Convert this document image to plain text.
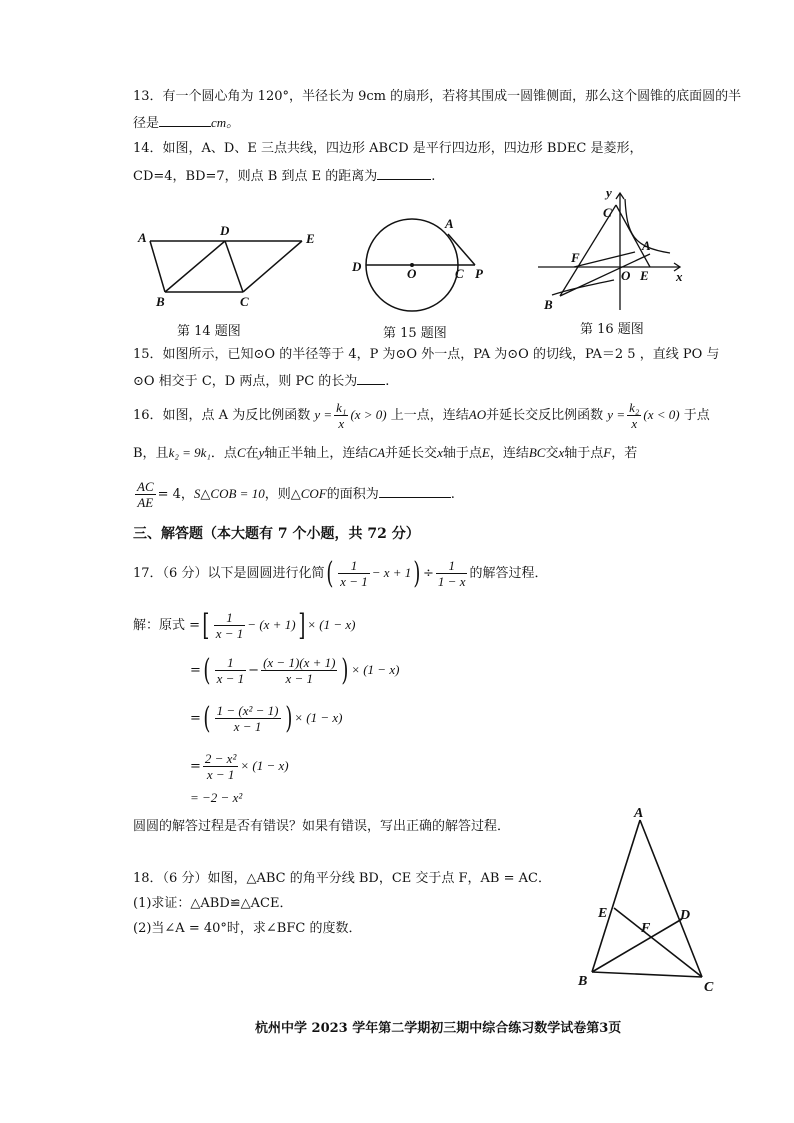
13．有一个圆心角为 120°，半径长为 9cm 的扇形，若将其围成一圆锥侧面，那么这个圆锥的底面圆的半
径是	cm。
14．如图，A、D、E 三点共线，四边形 ABCD 是平行四边形，四边形 BDEC 是菱形，
CD=4，BD=7，则点 B 到点 E 的距离为	.
A	D
E
B	C
第 14 题图
A
D	O	C P
第 15 题图
y
C
F
A
O E x
B
第 16 题图
15．如图所示，已知⊙O 的半径等于 4，P 为⊙O 外一点，PA 为⊙O 的切线，PA＝2 5 ，直线 PO 与
⊙O 相交于 C，D 两点，则 PC 的长为 .
16．如图，点 A 为反比例函数 $y = \frac{\text{k₁}}{x} (x > 0)$ 上一点，连结AO并延长交反比例函数 $y = \frac{\text{k₂}}{x} (x < 0)$ 于点
B，且k₂ = 9k₁．点C在y轴正半轴上，连结CA并延长交x轴于点E，连结BC交x轴于点F，若
$\frac{AC}{AE} = 4$，S△COB = 10，则△COF的面积为	.
三、解答题（本大题有 7 个小题，共 72 分）
17．（6 分）以下是圆圆进行化简( $\frac{1}{x - 1} - x + 1) \div \frac{1}{1 - x}$ 的解答过程．
解：原式 =[ $\frac{1}{x - 1} - (x + 1)] \times (1 - x)$
=( $\frac{1}{x - 1} - \frac{(x - 1)(x + 1)}{x - 1}$ ) × (1 − x)
=( $\frac{\text{1 − (x² − 1)}}{x - 1}$ ) × (1 − x)
= $\frac{\text{2 − x²}}{x - 1} \times (1 - x)$
= −2 − x²
圆圆的解答过程是否有错误？如果有错误，写出正确的解答过程．
18．（6 分）如图，△ABC 的角平分线 BD，CE 交于点 F，AB = AC．
(1)求证：△ABD≌△ACE．
(2)当∠A = 40°时，求∠BFC 的度数．
A
E
F
D
B	C
杭州中学 2023 学年第二学期初三期中综合练习数学试卷第3页
